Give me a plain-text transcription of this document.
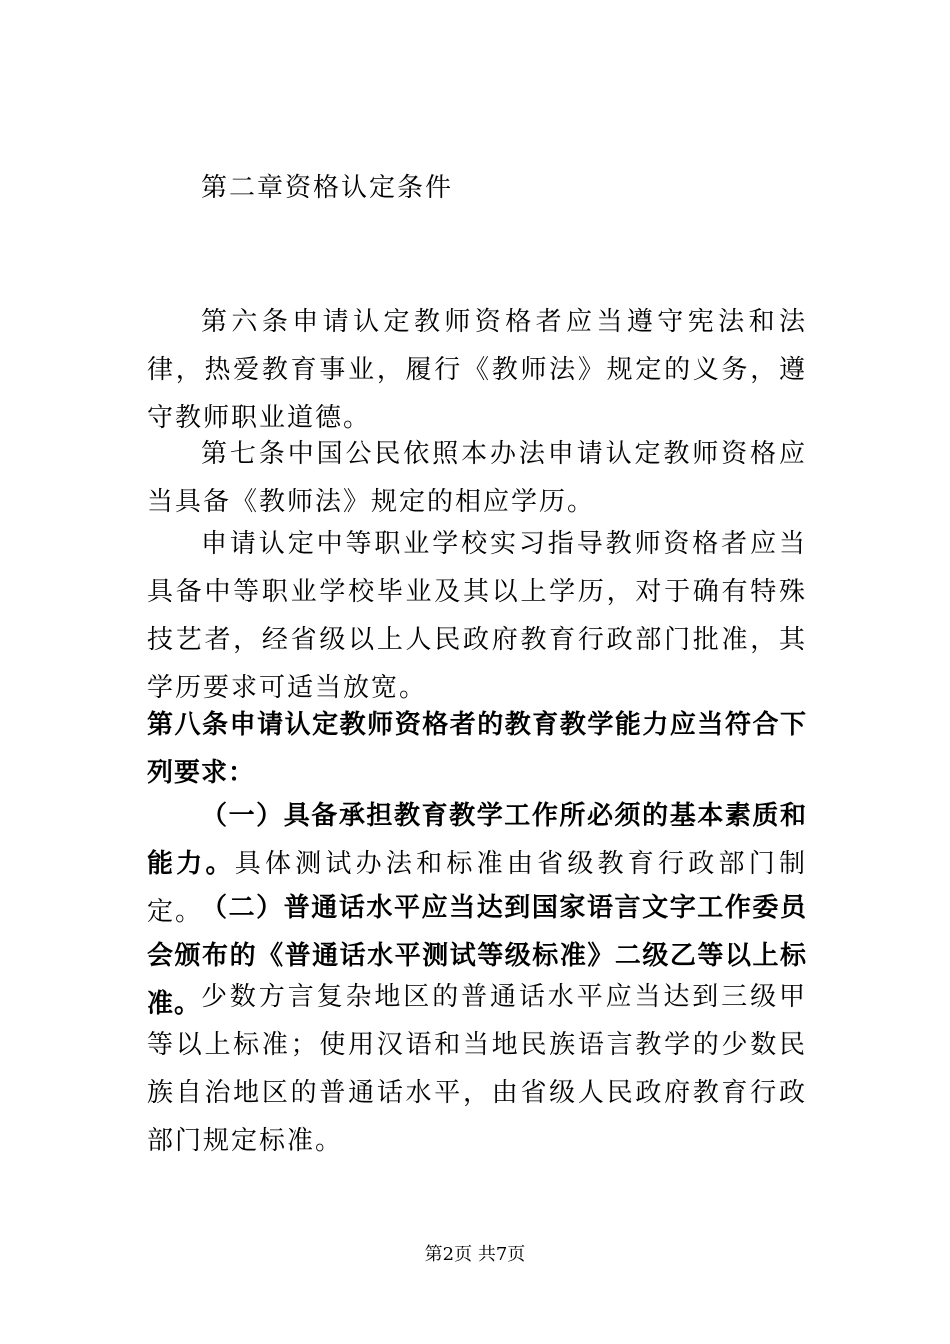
第二章资格认定条件

第六条申请认定教师资格者应当遵守宪法和法律，热爱教育事业，履行《教师法》规定的义务，遵守教师职业道德。

第七条中国公民依照本办法申请认定教师资格应当具备《教师法》规定的相应学历。

申请认定中等职业学校实习指导教师资格者应当具备中等职业学校毕业及其以上学历，对于确有特殊技艺者，经省级以上人民政府教育行政部门批准，其学历要求可适当放宽。

第八条申请认定教师资格者的教育教学能力应当符合下列要求：

（一）具备承担教育教学工作所必须的基本素质和能力。具体测试办法和标准由省级教育行政部门制定。

（二）普通话水平应当达到国家语言文字工作委员会颁布的《普通话水平测试等级标准》二级乙等以上标准。 少数方言复杂地区的普通话水平应当达到三级甲等以上标准；使用汉语和当地民族语言教学的少数民族自治地区的普通话水平，由省级人民政府教育行政部门规定标准。

第2页 共7页
